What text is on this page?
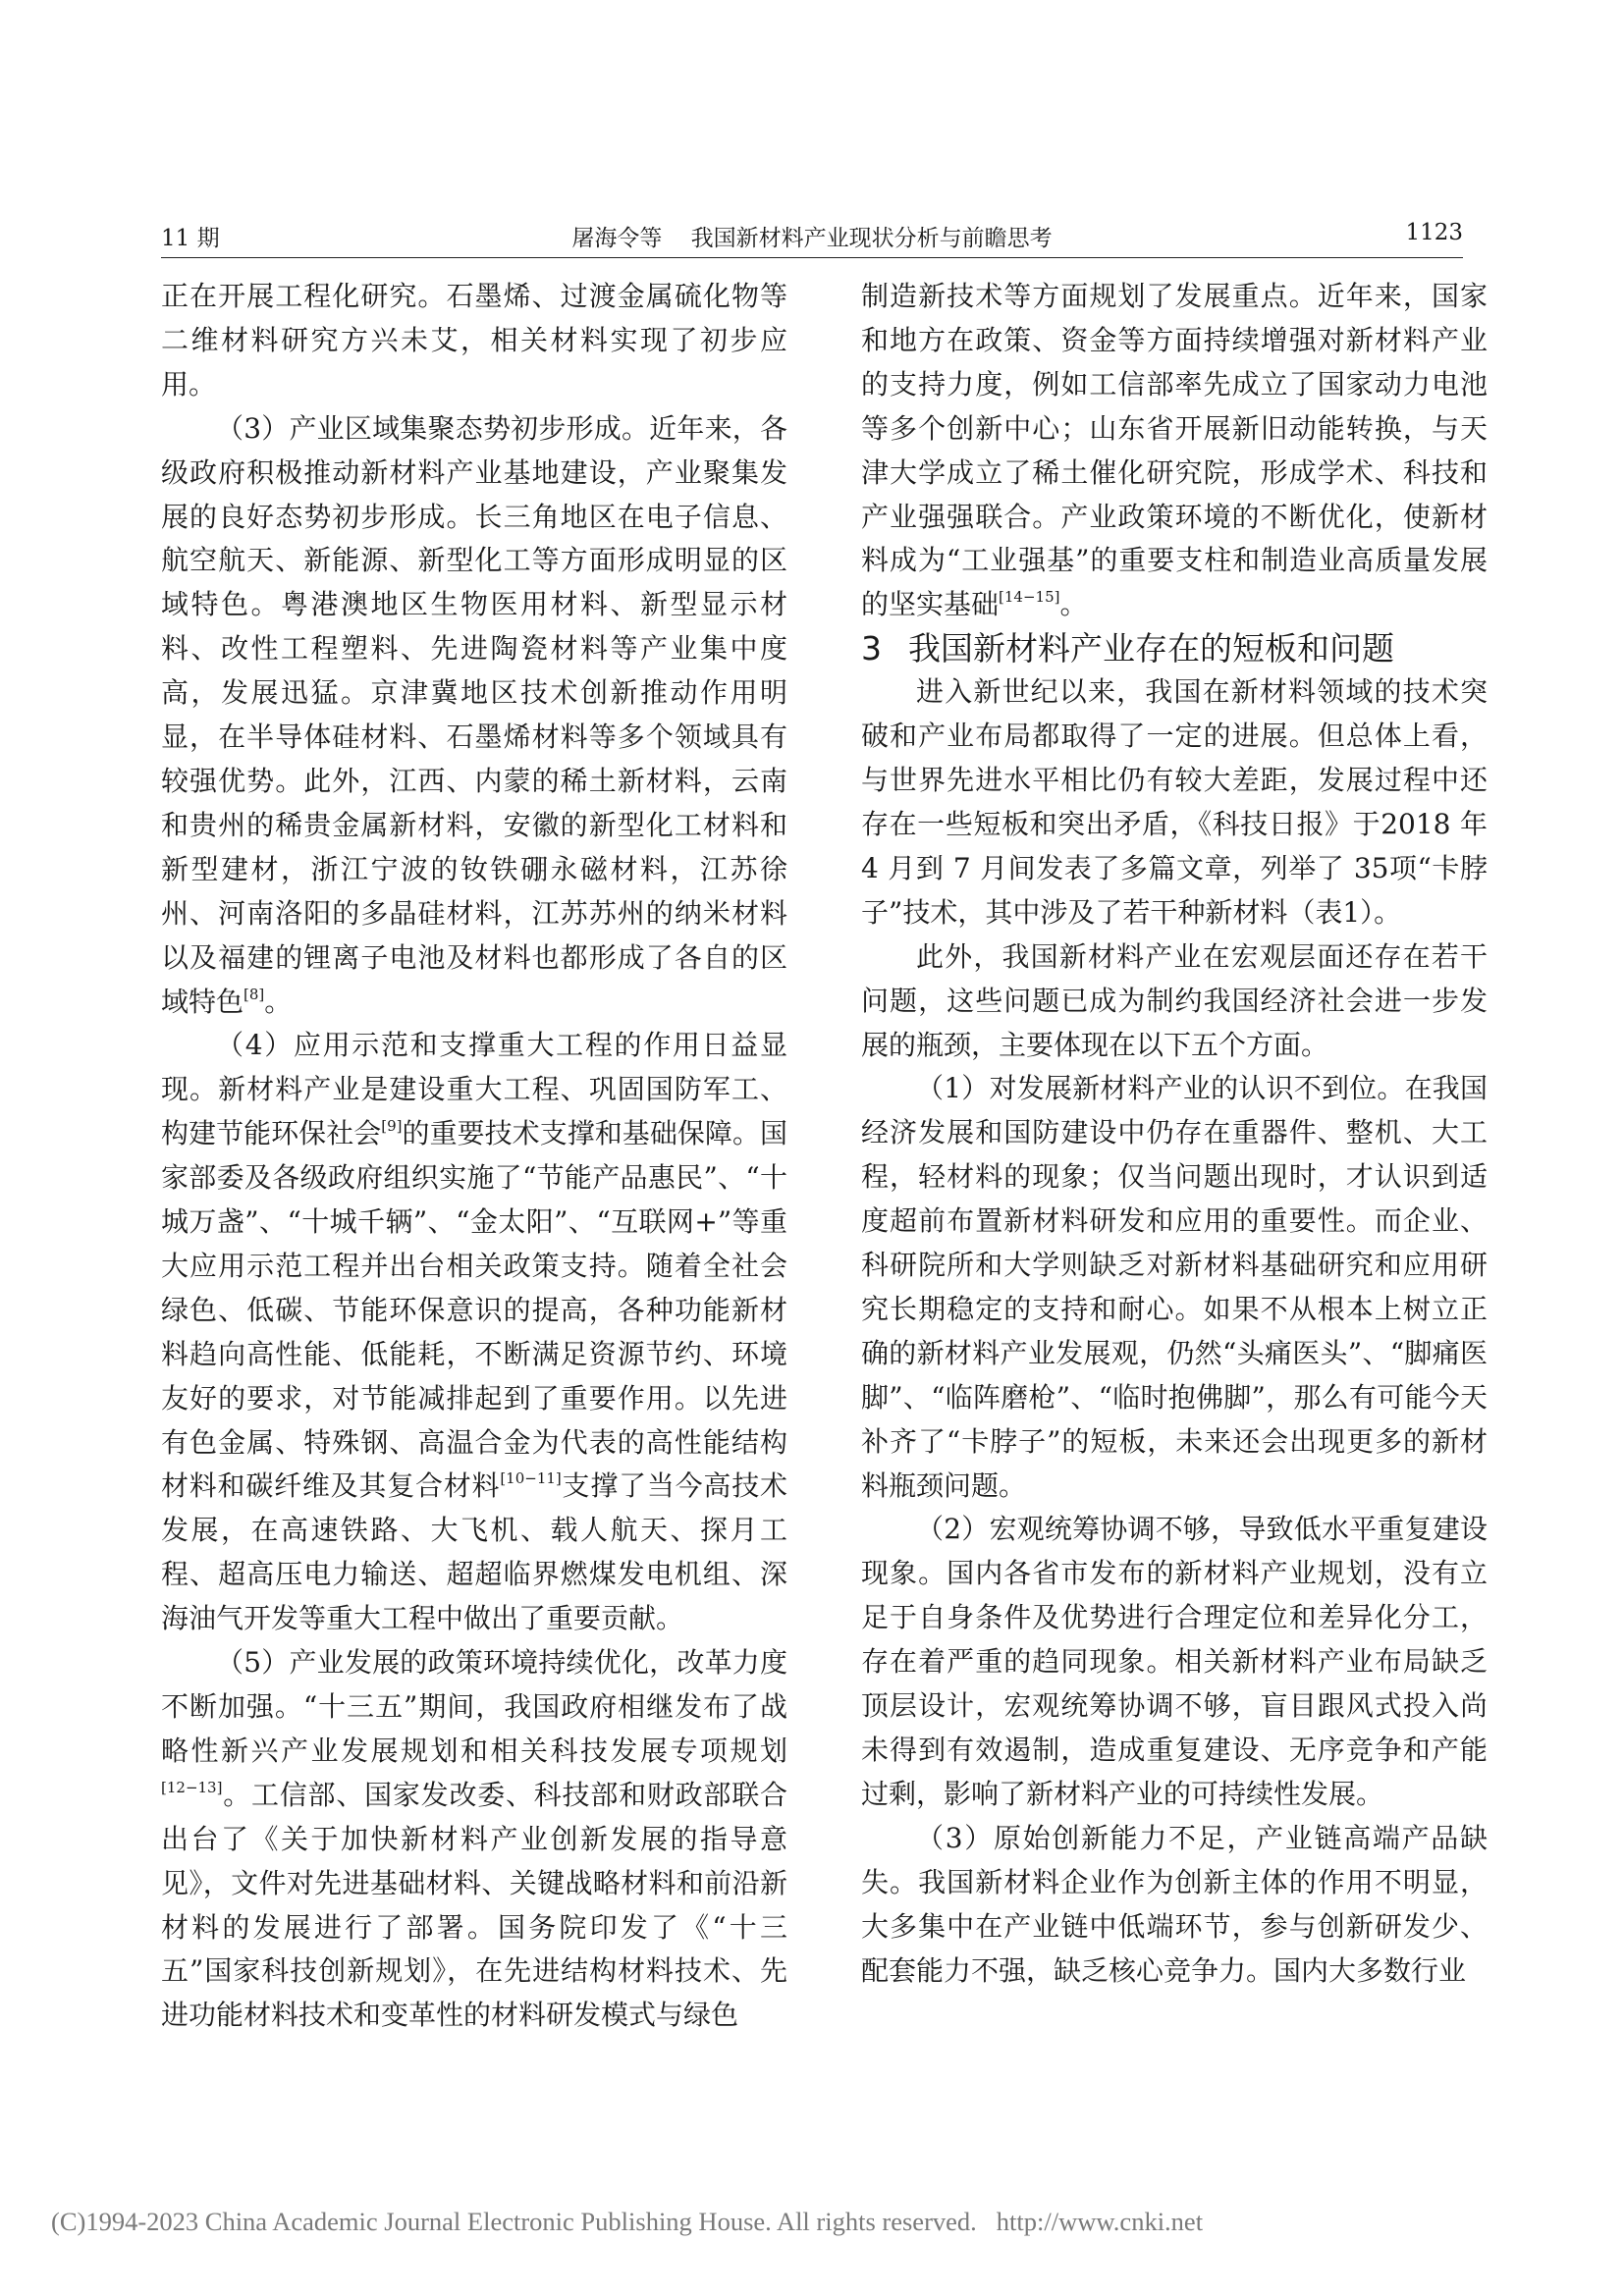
11 期	屠海令等    我国新材料产业现状分析与前瞻思考	1123

正在开展工程化研究。石墨烯、过渡金属硫化物等二维材料研究方兴未艾，相关材料实现了初步应用。

（3）产业区域集聚态势初步形成。近年来，各级政府积极推动新材料产业基地建设，产业聚集发展的良好态势初步形成。长三角地区在电子信息、航空航天、新能源、新型化工等方面形成明显的区域特色。粤港澳地区生物医用材料、新型显示材料、改性工程塑料、先进陶瓷材料等产业集中度高，发展迅猛。京津冀地区技术创新推动作用明显，在半导体硅材料、石墨烯材料等多个领域具有较强优势。此外，江西、内蒙的稀土新材料，云南和贵州的稀贵金属新材料，安徽的新型化工材料和新型建材，浙江宁波的钕铁硼永磁材料，江苏徐州、河南洛阳的多晶硅材料，江苏苏州的纳米材料以及福建的锂离子电池及材料也都形成了各自的区域特色[8]。

（4）应用示范和支撑重大工程的作用日益显现。新材料产业是建设重大工程、巩固国防军工、构建节能环保社会[9]的重要技术支撑和基础保障。国家部委及各级政府组织实施了“节能产品惠民”、“十城万盏”、“十城千辆”、“金太阳”、“互联网+”等重大应用示范工程并出台相关政策支持。随着全社会绿色、低碳、节能环保意识的提高，各种功能新材料趋向高性能、低能耗，不断满足资源节约、环境友好的要求，对节能减排起到了重要作用。以先进有色金属、特殊钢、高温合金为代表的高性能结构材料和碳纤维及其复合材料[10−11]支撑了当今高技术发展，在高速铁路、大飞机、载人航天、探月工程、超高压电力输送、超超临界燃煤发电机组、深海油气开发等重大工程中做出了重要贡献。

（5）产业发展的政策环境持续优化，改革力度不断加强。“十三五”期间，我国政府相继发布了战略性新兴产业发展规划和相关科技发展专项规划[12−13]。工信部、国家发改委、科技部和财政部联合出台了《关于加快新材料产业创新发展的指导意见》，文件对先进基础材料、关键战略材料和前沿新材料的发展进行了部署。国务院印发了《“十三五”国家科技创新规划》，在先进结构材料技术、先进功能材料技术和变革性的材料研发模式与绿色

制造新技术等方面规划了发展重点。近年来，国家和地方在政策、资金等方面持续增强对新材料产业的支持力度，例如工信部率先成立了国家动力电池等多个创新中心；山东省开展新旧动能转换，与天津大学成立了稀土催化研究院，形成学术、科技和产业强强联合。产业政策环境的不断优化，使新材料成为“工业强基”的重要支柱和制造业高质量发展的坚实基础[14−15]。

3 我国新材料产业存在的短板和问题

进入新世纪以来，我国在新材料领域的技术突破和产业布局都取得了一定的进展。但总体上看，与世界先进水平相比仍有较大差距，发展过程中还存在一些短板和突出矛盾，《科技日报》于2018 年 4 月到 7 月间发表了多篇文章，列举了 35项“卡脖子”技术，其中涉及了若干种新材料（表1）。

此外，我国新材料产业在宏观层面还存在若干问题，这些问题已成为制约我国经济社会进一步发展的瓶颈，主要体现在以下五个方面。

（1）对发展新材料产业的认识不到位。在我国经济发展和国防建设中仍存在重器件、整机、大工程，轻材料的现象；仅当问题出现时，才认识到适度超前布置新材料研发和应用的重要性。而企业、科研院所和大学则缺乏对新材料基础研究和应用研究长期稳定的支持和耐心。如果不从根本上树立正确的新材料产业发展观，仍然“头痛医头”、“脚痛医脚”、“临阵磨枪”、“临时抱佛脚”，那么有可能今天补齐了“卡脖子”的短板，未来还会出现更多的新材料瓶颈问题。

（2）宏观统筹协调不够，导致低水平重复建设现象。国内各省市发布的新材料产业规划，没有立足于自身条件及优势进行合理定位和差异化分工，存在着严重的趋同现象。相关新材料产业布局缺乏顶层设计，宏观统筹协调不够，盲目跟风式投入尚未得到有效遏制，造成重复建设、无序竞争和产能过剩，影响了新材料产业的可持续性发展。

（3）原始创新能力不足，产业链高端产品缺失。我国新材料企业作为创新主体的作用不明显，大多集中在产业链中低端环节，参与创新研发少、配套能力不强，缺乏核心竞争力。国内大多数行业

(C)1994-2023 China Academic Journal Electronic Publishing House. All rights reserved. http://www.cnki.net
